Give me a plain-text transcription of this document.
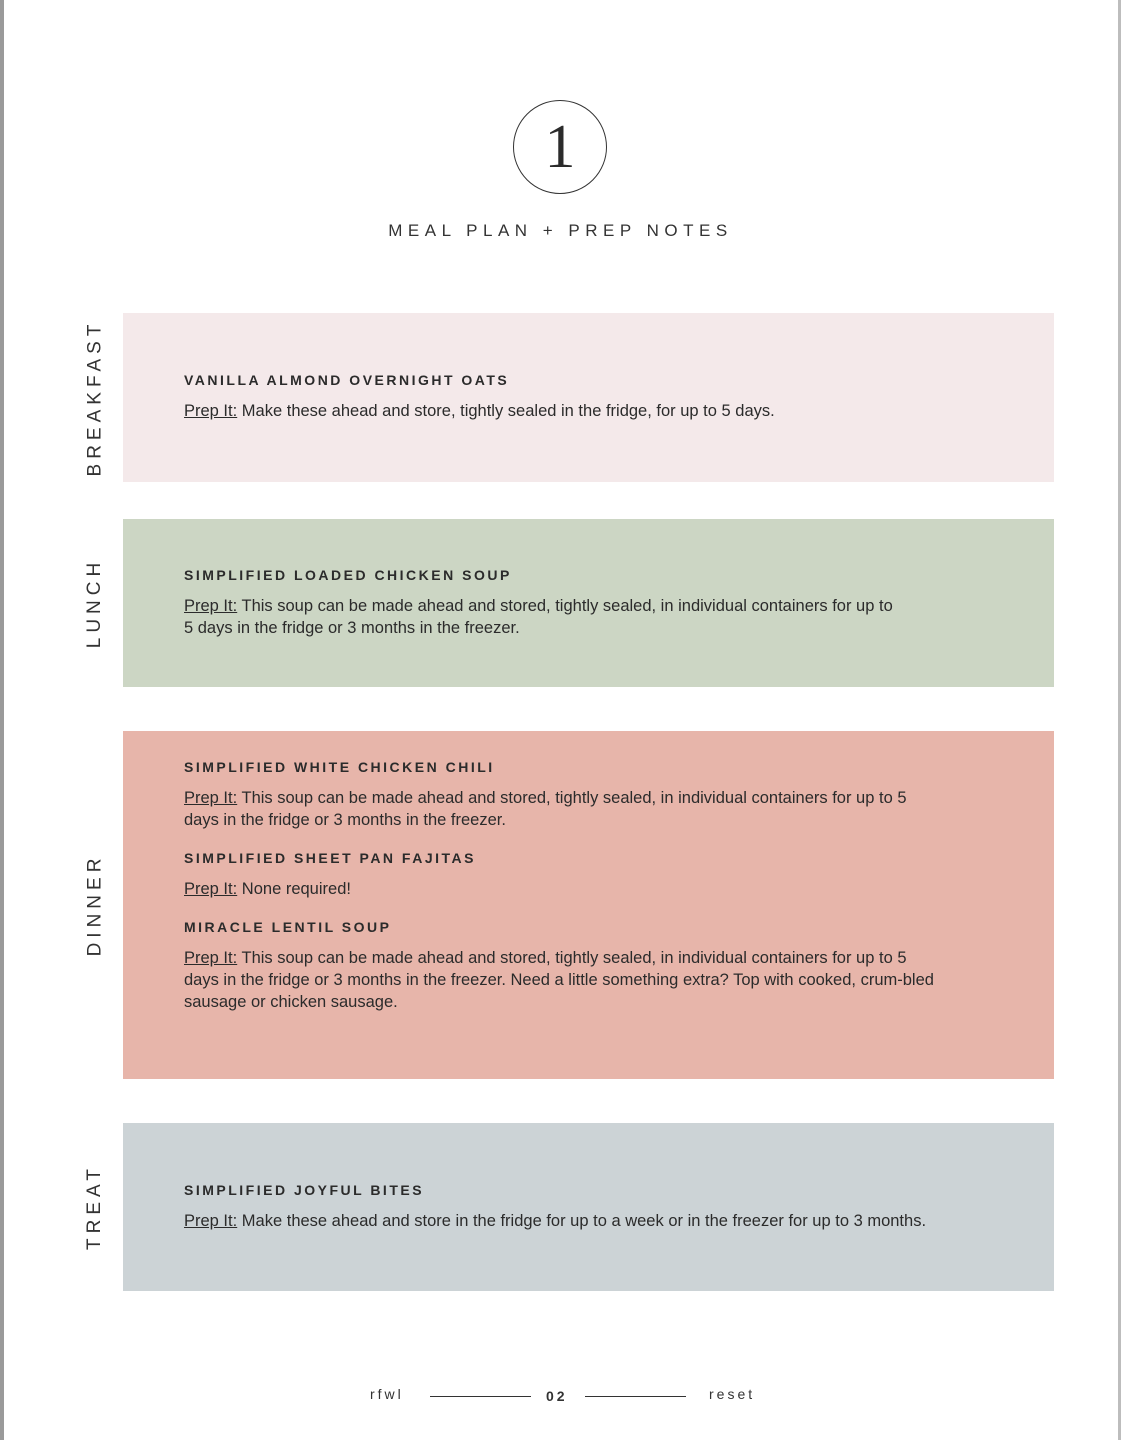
1
MEAL PLAN + PREP NOTES
BREAKFAST	VANILLA ALMOND OVERNIGHT OATS

Prep It: Make these ahead and store, tightly sealed in the fridge, for up to 5 days.

LUNCH	SIMPLIFIED LOADED CHICKEN SOUP

Prep It: This soup can be made ahead and stored, tightly sealed, in individual containers for up to 5 days in the fridge or 3 months in the freezer.

DINNER
SIMPLIFIED WHITE CHICKEN CHILI

Prep It: This soup can be made ahead and stored, tightly sealed, in individual containers for up to 5 days in the fridge or 3 months in the freezer.

SIMPLIFIED SHEET PAN FAJITAS

Prep It: None required!

MIRACLE LENTIL SOUP

Prep It: This soup can be made ahead and stored, tightly sealed, in individual containers for up to 5 days in the fridge or 3 months in the freezer. Need a little something extra? Top with cooked, crum-bled sausage or chicken sausage.

TREAT	SIMPLIFIED JOYFUL BITES

Prep It: Make these ahead and store in the fridge for up to a week or in the freezer for up to 3 months.

rfwl	02	reset
